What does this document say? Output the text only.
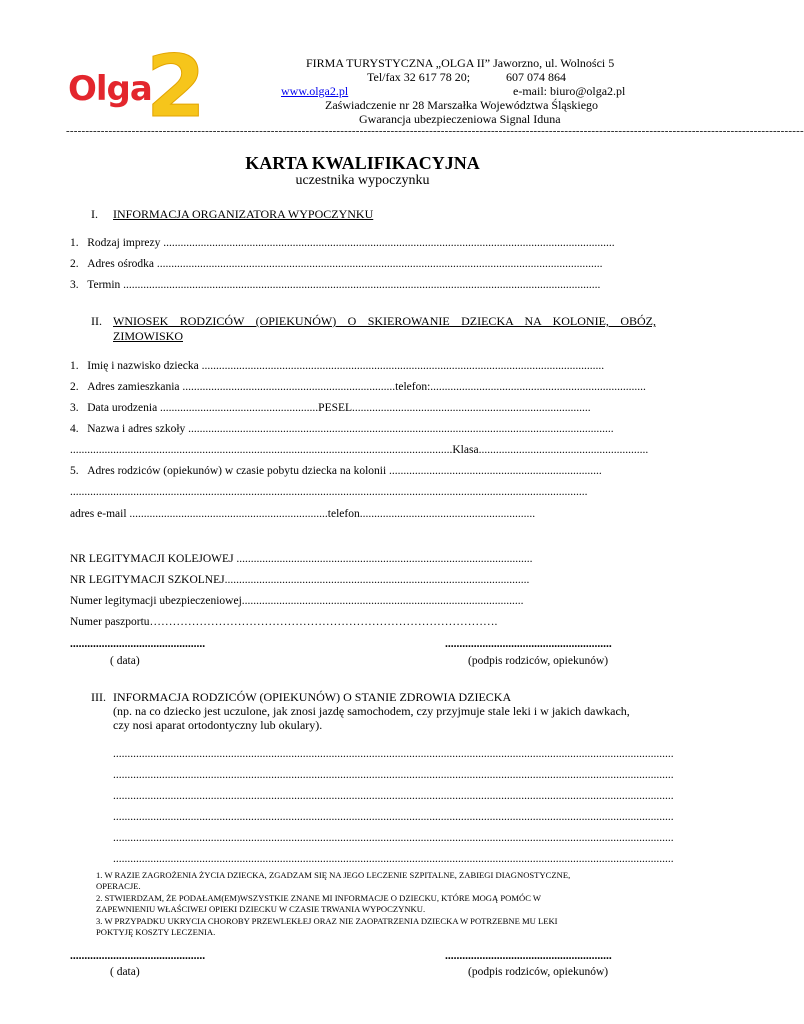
2
Olga
FIRMA TURYSTYCZNA „OLGA II” Jaworzno, ul. Wolności 5
Tel/fax 32 617 78 20;	607 074 864
www.olga2.pl	e-mail: biuro@olga2.pl
Zaświadczenie nr 28 Marszałka Województwa Śląskiego
Gwarancja ubezpieczeniowa Signal Iduna
-----------------------------------------------------------------------------------------------------------------------------------------------------------------------------------------------
KARTA KWALIFIKACYJNA
uczestnika wypoczynku
I. INFORMACJA ORGANIZATORA WYPOCZYNKU
1. Rodzaj imprezy .............................................................................................................................................................
2. Adres ośrodka ...........................................................................................................................................................
3. Termin ......................................................................................................................................................................
II. WNIOSEK RODZICÓW (OPIEKUNÓW) O SKIEROWANIE DZIECKA NA KOLONIE, OBÓZ,
ZIMOWISKO
1. Imię i nazwisko dziecka ............................................................................................................................................
2. Adres zamieszkania ..........................................................................telefon:...........................................................................
3. Data urodzenia .......................................................PESEL...................................................................................
4. Nazwa i adres szkoły ....................................................................................................................................................
.....................................................................................................................................Klasa...........................................................
5. Adres rodziców (opiekunów) w czasie pobytu dziecka na kolonii ..........................................................................
....................................................................................................................................................................................
adres e-mail .....................................................................telefon.............................................................
NR LEGITYMACJI KOLEJOWEJ .......................................................................................................
NR LEGITYMACJI SZKOLNEJ..........................................................................................................
Numer legitymacji ubezpieczeniowej..................................................................................................
Numer paszportu……………………………………………………………………………….
...............................................	..........................................................
( data)	(podpis rodziców, opiekunów)
III. INFORMACJA RODZICÓW (OPIEKUNÓW) O STANIE ZDROWIA DZIECKA
(np. na co dziecko jest uczulone, jak znosi jazdę samochodem, czy przyjmuje stale leki i w jakich dawkach,
czy nosi aparat ortodontyczny lub okulary).
...................................................................................................................................................................................................
...................................................................................................................................................................................................
...................................................................................................................................................................................................
...................................................................................................................................................................................................
...................................................................................................................................................................................................
...................................................................................................................................................................................................
1. W RAZIE ZAGROŻENIA ŻYCIA DZIECKA, ZGADZAM SIĘ NA JEGO LECZENIE SZPITALNE, ZABIEGI DIAGNOSTYCZNE,
OPERACJE.
2. STWIERDZAM, ŻE PODAŁAM(EM)WSZYSTKIE ZNANE MI INFORMACJE O DZIECKU, KTÓRE MOGĄ POMÓC W
ZAPEWNIENIU WŁAŚCIWEJ OPIEKI DZIECKU W CZASIE TRWANIA WYPOCZYNKU.
3. W PRZYPADKU UKRYCIA CHOROBY PRZEWLEKŁEJ ORAZ NIE ZAOPATRZENIA DZIECKA W POTRZEBNE MU LEKI
POKTYJĘ KOSZTY LECZENIA.
...............................................	..........................................................
( data)	(podpis rodziców, opiekunów)
